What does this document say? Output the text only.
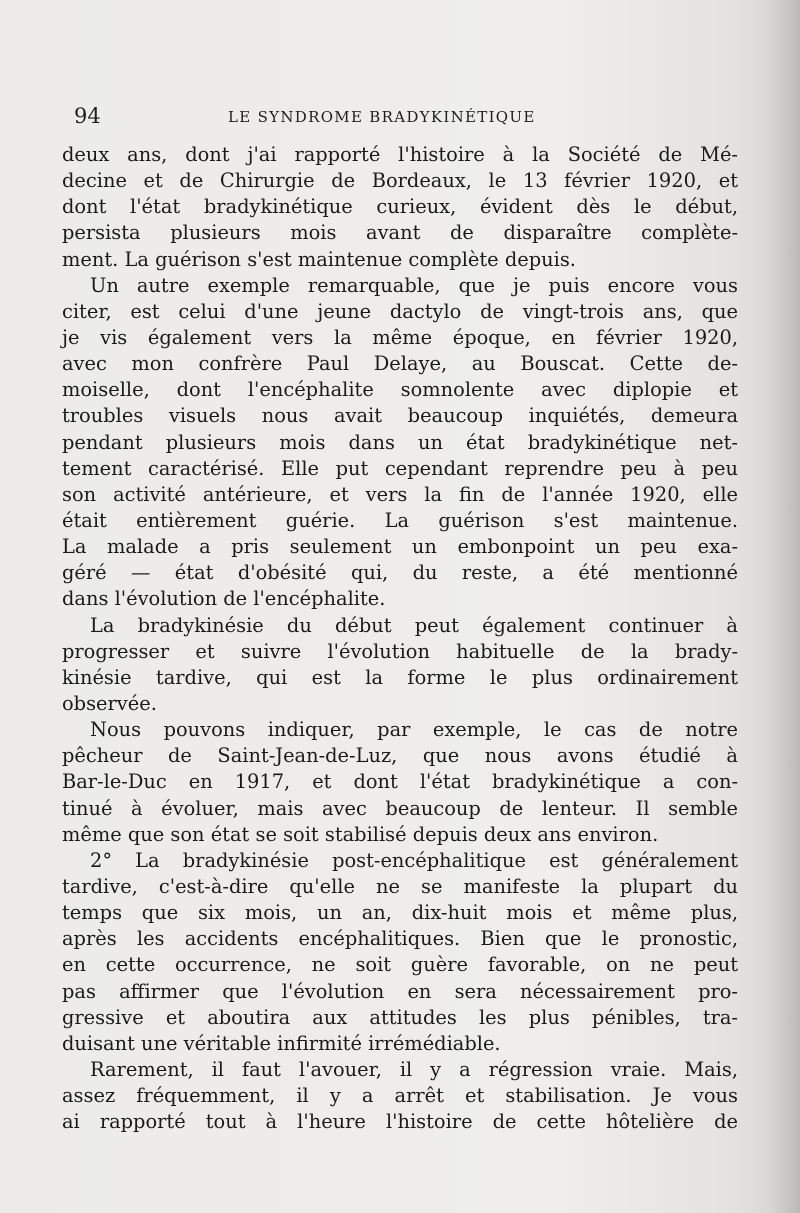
94	LE SYNDROME BRADYKINÉTIQUE
deux ans, dont j'ai rapporté l'histoire à la Société de Mé-
decine et de Chirurgie de Bordeaux, le 13 février 1920, et
dont l'état bradykinétique curieux, évident dès le début,
persista plusieurs mois avant de disparaître complète-
ment. La guérison s'est maintenue complète depuis.
Un autre exemple remarquable, que je puis encore vous
citer, est celui d'une jeune dactylo de vingt-trois ans, que
je vis également vers la même époque, en février 1920,
avec mon confrère Paul Delaye, au Bouscat. Cette de-
moiselle, dont l'encéphalite somnolente avec diplopie et
troubles visuels nous avait beaucoup inquiétés, demeura
pendant plusieurs mois dans un état bradykinétique net-
tement caractérisé. Elle put cependant reprendre peu à peu
son activité antérieure, et vers la fin de l'année 1920, elle
était entièrement guérie. La guérison s'est maintenue.
La malade a pris seulement un embonpoint un peu exa-
géré — état d'obésité qui, du reste, a été mentionné
dans l'évolution de l'encéphalite.
La bradykinésie du début peut également continuer à
progresser et suivre l'évolution habituelle de la brady-
kinésie tardive, qui est la forme le plus ordinairement
observée.
Nous pouvons indiquer, par exemple, le cas de notre
pêcheur de Saint-Jean-de-Luz, que nous avons étudié à
Bar-le-Duc en 1917, et dont l'état bradykinétique a con-
tinué à évoluer, mais avec beaucoup de lenteur. Il semble
même que son état se soit stabilisé depuis deux ans environ.
2° La bradykinésie post-encéphalitique est généralement
tardive, c'est-à-dire qu'elle ne se manifeste la plupart du
temps que six mois, un an, dix-huit mois et même plus,
après les accidents encéphalitiques. Bien que le pronostic,
en cette occurrence, ne soit guère favorable, on ne peut
pas affirmer que l'évolution en sera nécessairement pro-
gressive et aboutira aux attitudes les plus pénibles, tra-
duisant une véritable infirmité irrémédiable.
Rarement, il faut l'avouer, il y a régression vraie. Mais,
assez fréquemment, il y a arrêt et stabilisation. Je vous
ai rapporté tout à l'heure l'histoire de cette hôtelière de
